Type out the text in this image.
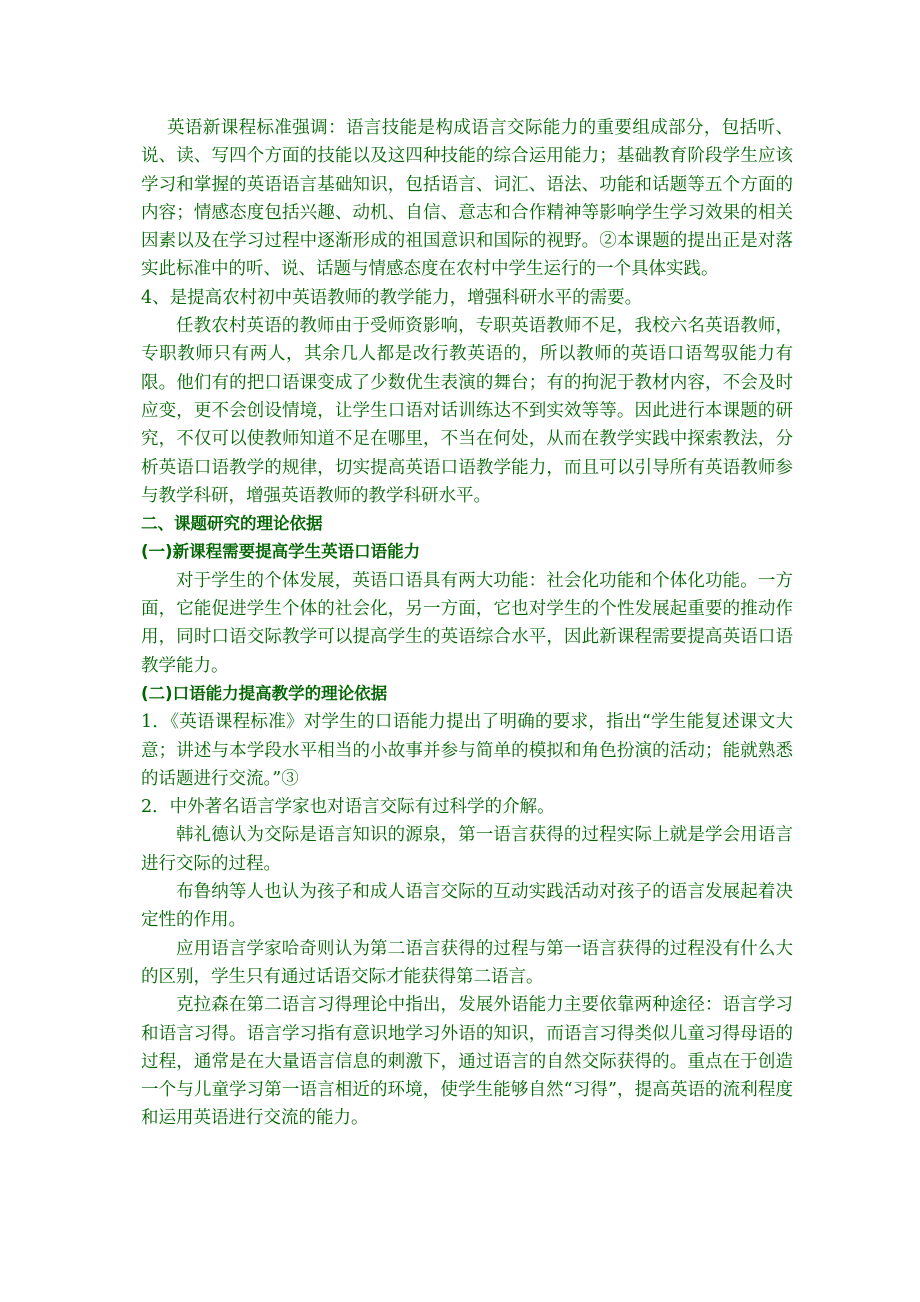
英语新课程标准强调：语言技能是构成语言交际能力的重要组成部分，包括听、说、读、写四个方面的技能以及这四种技能的综合运用能力；基础教育阶段学生应该学习和掌握的英语语言基础知识，包括语言、词汇、语法、功能和话题等五个方面的内容；情感态度包括兴趣、动机、自信、意志和合作精神等影响学生学习效果的相关因素以及在学习过程中逐渐形成的祖国意识和国际的视野。②本课题的提出正是对落实此标准中的听、说、话题与情感态度在农村中学生运行的一个具体实践。

4、是提高农村初中英语教师的教学能力，增强科研水平的需要。

任教农村英语的教师由于受师资影响，专职英语教师不足，我校六名英语教师，专职教师只有两人，其余几人都是改行教英语的，所以教师的英语口语驾驭能力有限。他们有的把口语课变成了少数优生表演的舞台；有的拘泥于教材内容，不会及时应变，更不会创设情境，让学生口语对话训练达不到实效等等。因此进行本课题的研究，不仅可以使教师知道不足在哪里，不当在何处，从而在教学实践中探索教法，分析英语口语教学的规律，切实提高英语口语教学能力，而且可以引导所有英语教师参与教学科研，增强英语教师的教学科研水平。

二、课题研究的理论依据

(一)新课程需要提高学生英语口语能力

对于学生的个体发展，英语口语具有两大功能：社会化功能和个体化功能。一方面，它能促进学生个体的社会化，另一方面，它也对学生的个性发展起重要的推动作用，同时口语交际教学可以提高学生的英语综合水平，因此新课程需要提高英语口语教学能力。

(二)口语能力提高教学的理论依据

1．《英语课程标准》对学生的口语能力提出了明确的要求，指出“学生能复述课文大意；讲述与本学段水平相当的小故事并参与简单的模拟和角色扮演的活动；能就熟悉的话题进行交流。”③

2．中外著名语言学家也对语言交际有过科学的介解。

韩礼德认为交际是语言知识的源泉，第一语言获得的过程实际上就是学会用语言进行交际的过程。

布鲁纳等人也认为孩子和成人语言交际的互动实践活动对孩子的语言发展起着决定性的作用。

应用语言学家哈奇则认为第二语言获得的过程与第一语言获得的过程没有什么大的区别，学生只有通过话语交际才能获得第二语言。

克拉森在第二语言习得理论中指出，发展外语能力主要依靠两种途径：语言学习和语言习得。语言学习指有意识地学习外语的知识，而语言习得类似儿童习得母语的过程，通常是在大量语言信息的刺激下，通过语言的自然交际获得的。重点在于创造一个与儿童学习第一语言相近的环境，使学生能够自然“习得”，提高英语的流利程度和运用英语进行交流的能力。
